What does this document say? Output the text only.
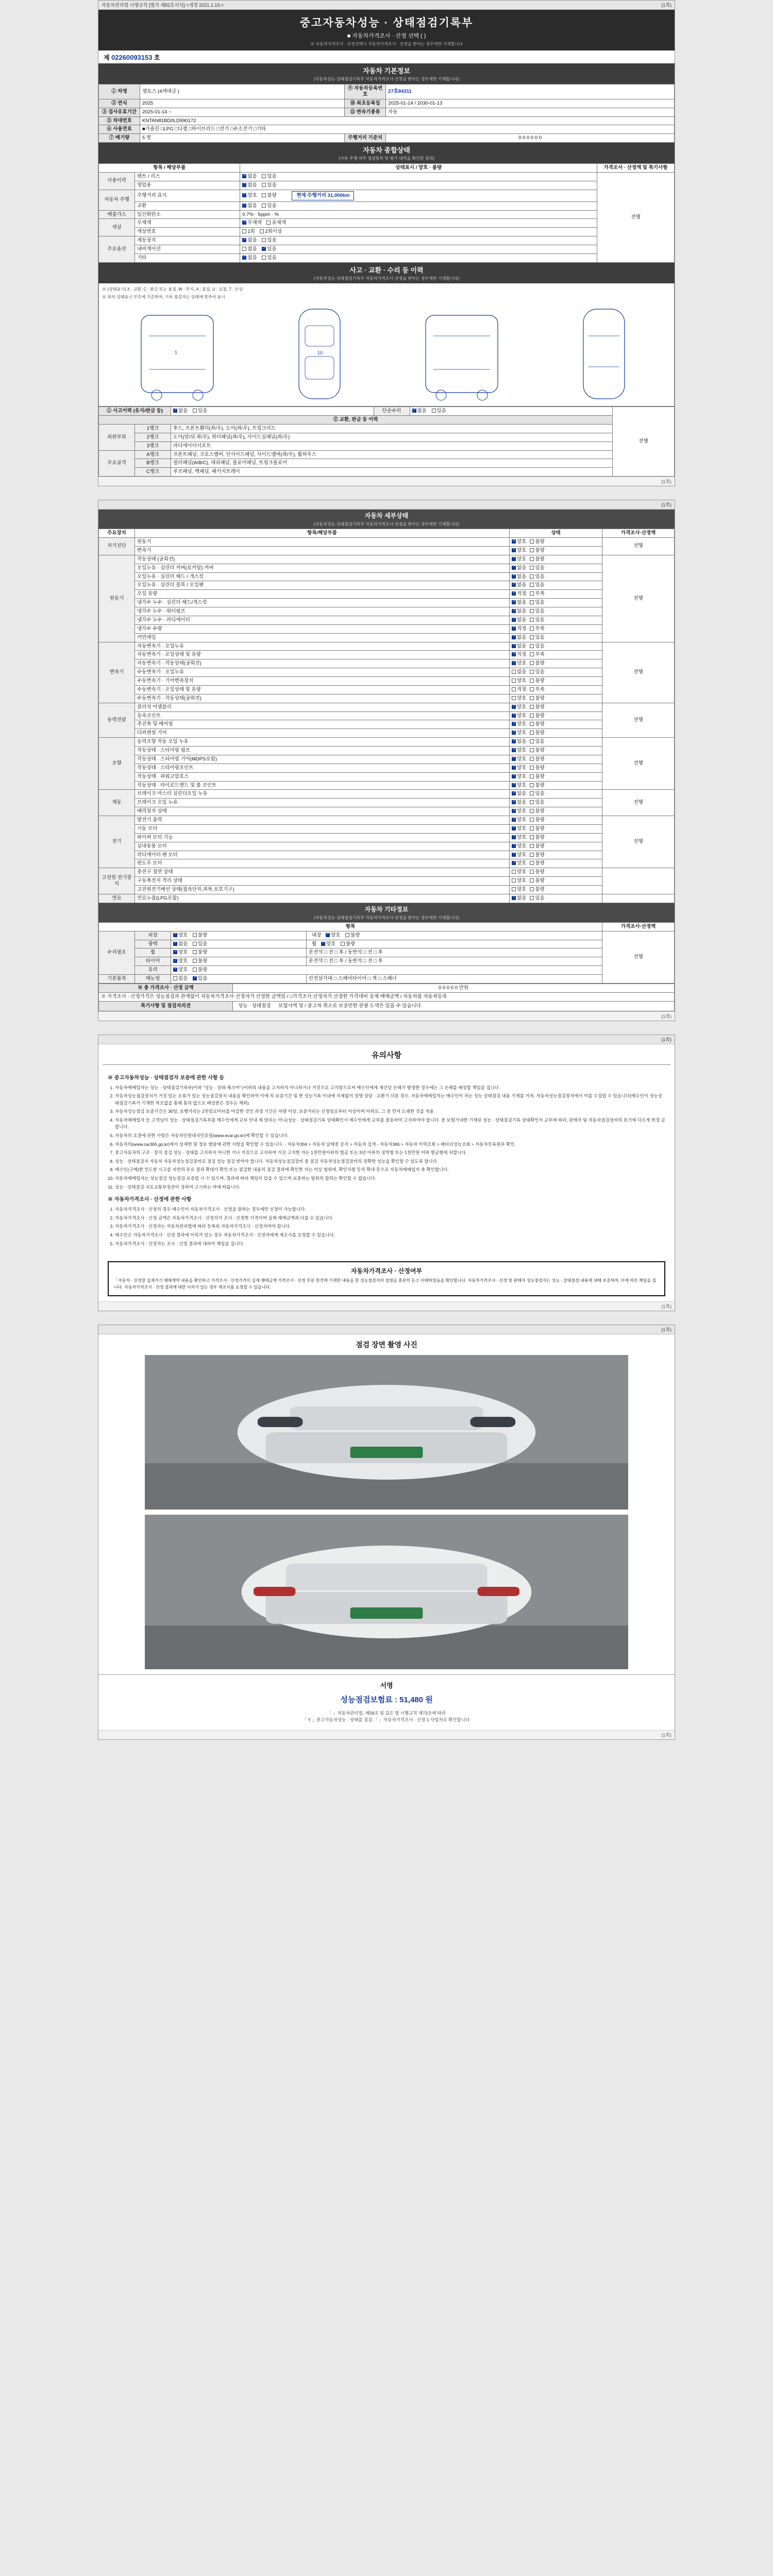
자동차관리법 시행규칙 [별지 제82호서식] <개정 2021.1.19.>	(1쪽)
중고자동차성능 · 상태점검기록부
■ 자동차가격조사 · 산정 선택 ( )
※ 자동차가격조사 · 산정선택시 자동차가격조사 · 산정을 받아는 경우에만 기재합니다
제 02260093153 호
자동차 기본정보
(자동차성능·상태점검기록부 자동차가격조사·산정을 받아는 경우에만 기재합니다)
① 차명	셀토스 (4세대급 )	⑨ 자동차등록번호	27호84311
② 연식	2025	⑩ 최초등록일	2025-01-14 / 2030-01-13
③ 검사유효기간	2025-01-14 ~	⑪ 변속기종류	자동
⑤ 차대번호	KNTAN81BD0LD990172		
⑥ 사용연료	■가솔린 □LPG □디젤 □하이브리드 □전기 □수소전기 □기타		
⑦ 배기량	5 명	주행거리 기준치	0 0 0 0 0 0
자동차 종합상태
(사용·주행 여부 점검항목 및 평가 내역을 확인한 결과)
항목 / 해당부품		상태표시 / 양호 · 불량	가격조사 · 산정액 및 특기사항
사용이력	렌트 / 리스	✓없음 있음	전행
	영업용	✓없음 있음
자동차 주행	주행거리 표시	✓양호 불량 현재 주행거리 31,000km
	교환	✓없음 있음
배출가스	일산화탄소	0.7% · 5ppm · %	
색상	무채색	✓무채색 유채색
	색상번호	1회 2회이상	
주요옵션	제동장치	✓없음 있음
	내비게이션	없음 ✓ 있음
	기타	✓없음 있음
사고 · 교환 · 수리 등 이력
(자동차성능·상태점검기록부 자동차가격조사·산정을 받아는 경우에만 기재합니다)
※ (상태표시) X : 교환, C : 판금 또는 용접, W : 부식, A : 흠집, U : 요철, T : 손상
※ 위의 상태표시 부호에 기준하여, 기록 점검자는 상태에 맞추어 표시
1	10
① 사고이력 (유지/판금 등)	✓없음 있음	단순수리	✓없음 있음	전행
② 교환, 판금 등 이력					
외판부위	1랭크	후드, 프론트휀더(좌/우), 도어(좌/우), 트렁크리드			
	2랭크	도어(앞/뒤 좌/우), 쿼터패널(좌/우), 사이드실패널(좌/우)			
	3랭크	라디에이터서포트			
주요골격	A랭크	프론트패널, 크로스멤버, 인사이드패널, 사이드멤버(좌/우), 휠하우스			
	B랭크	필러패널(A/B/C), 대쉬패널, 플로어패널, 트렁크플로어			
	C랭크	루프패널, 백패널, 패키지트레이			
(1쪽)
(1쪽)
자동차 세부상태
(자동차성능·상태점검기록부 자동차가격조사·산정을 받아는 경우에만 기재합니다)
주요장치	항목/해당부품	상태	가격조사·산정액
자기진단	원동기	✓양호 불량	전행
	변속기	✓양호 불량
원동기	작동상태 (공회전)	✓양호 불량	전행
	오일누유 · 실린더 커버(로커암) 커버	✓없음 있음
	오일누유 · 실린더 헤드 / 개스킷	✓없음 있음
	오일누유 · 실린더 블록 / 오일팬	✓없음 있음
	오일 유량	✓적정 부족
	냉각수 누수 · 실린더 헤드/개스킷	✓없음 있음
	냉각수 누수 · 워터펌프	✓없음 있음
	냉각수 누수 · 라디에이터	✓없음 있음
	냉각수 수량	✓적정 부족
	커먼레일	✓없음 있음
변속기	자동변속기 · 오일누유	✓없음 있음	전행
	자동변속기 · 오일상태 및 유량	✓적정 부족
	자동변속기 · 작동상태(공회전)	✓양호 불량
	수동변속기 · 오일누유	없음 있음	
	수동변속기 · 기어변속장치	양호 불량	
	수동변속기 · 오일상태 및 유량	적정 부족	
	수동변속기 · 작동상태(공회전)	양호 불량	
동력전달	클러치 어셈블리	✓양호 불량	전행
	등속조인트	✓양호 불량
	추진축 및 베어링	✓양호 불량
	디퍼렌셜 기어	✓양호 불량
조향	동력조향 작동 오일 누유	✓없음 있음	전행
	작동상태 · 스티어링 펌프	✓양호 불량
	작동상태 · 스티어링 기어(MDPS포함)	✓양호 불량
	작동상태 · 스티어링조인트	✓양호 불량
	작동상태 · 파워고압호스	✓양호 불량
	작동상태 · 타이로드엔드 및 볼 조인트	✓양호 불량
제동	브레이크 마스터 실린더오일 누유	✓없음 있음	전행
	브레이크 오일 누유	✓없음 있음
	배력장치 상태	✓양호 불량
전기	발전기 출력	✓양호 불량	전행
	시동 모터	✓양호 불량
	와이퍼 모터 기능	✓양호 불량
	실내송풍 모터	✓양호 불량
	라디에이터 팬 모터	✓양호 불량
	윈도우 모터	✓양호 불량
고전원 전기장치	충전구 절연 상태	양호 불량	
	구동축전지 격리 상태	양호 불량	
	고전원전기배선 상태(접속단자,피복,보호기구)	양호 불량	
연료	연료누출(LPG포함)	✓없음 있음	
자동차 기타정보
(자동차성능·상태점검기록부 자동차가격조사·산정을 받아는 경우에만 기재합니다)
항목				가격조사·산정액
수리필요	외장	✓양호 불량	내장 ✓ 양호 불량	전행
	광택	✓없음 있음	휠 ✓ 양호 불량
	휠	✓양호 불량	운전석 □ 전 □ 후 / 동반석 □ 전 □ 후	
	타이어	✓양호 불량	운전석 □ 전 □ 후 / 동반석 □ 전 □ 후	
	유리	✓양호 불량
기본품목	매뉴얼	없음 ✓ 있음	안전삼각대 □ 스페어타이어 □ 잭 □ 스패너	
※ 총 가격조사 · 산정 금액	0 0 0 0 0 만원
※ 가격조사 · 산정가격은 성능점검과 관계없이 자동차가격조사·산정자가 산정한 금액임 / □가격조사·산정자가 산정한 가격대비 실제 매매금액 / 자동차를 자동차등록	
특기사항 및 점검자의견	성능 · 상태점검 보험사액 및 / 중고차 취소로 보증만한 관광 도색은 있을 수 있습니다.
(1쪽)
(1쪽)
유의사항
※ 중고자동차성능 · 상태점검자 보증에 관한 사항 등
1. 자동차매매업자는 성능 · 상태점검기록부(이하 "성능 · 상태 체크여" )이하의 내용을 고지하지 아니하거나 거짓으로 고지함으로써 매수인에게 재산상 손해가 발생한 경우에는 그 손해를 배상할 책임을 집니다.
2. 자동차성능점검장치가 거짓 있는 오류가 있는 성능점검장치 내용을 확인하여 이에 의 보증기간 및 한 성능기록 이내에 지체없이 설명 상담 · 교환기 다룬 경우, 자동차매매업자는 매수인이 차는 성능 상태점검 내용 기재를 거쳐, 자동차성능점검장치에서 이를 수집할 수 있습니다(매수인이 성능상태점검기록가 기재한 착오없을 통해 통의 없으로 배상받은 경우는 제외).
3. 자동차성능점검 보증기간은 30일, 보행거리는 2천킬로미터를 마감한 것인 과정 기간은 차량 이상, 보증거리는 신청일로부터 이상이며 이하로, 그 중 먼저 도래한 것을 적용.
4. 자동차매매업자 등 고객님이 성능 · 상태점검기록부를 매수인에게 교부 안내 제 알리는 아니(성능 · 상태점검기록 상태확인서 매수인에게 교부를 잘못하여 고지하여야 합니다. 중 보험가내한 기재된 성능 · 상태점검기록 상태확인서 교부에 따라, 판매자 및 자동차점검장비의 표기에 다르게 변경 금합니다.
5. 자동차의 요결에 관한 사항은 자동차민원대국민포털(www.ecar.go.kr)에 확인할 수 있습니다.
6. 자동차의(www.car365.go.kr)에서 상세한 및 정보 열람에 관한 사항을 확인할 수 있습니다. - 자동차356 > 자동차 남매중 공지 > 자동차 검색 - 자동차365 > 자동차 이력조회 > 배터리성능조회 > 자동차등록원부 확인.
7. 중고자동차의 구조 · 장치 점검 성능 · 상태를 고지하지 아니한 거나 거짓으로 고지하여 거짓 고지한 자는 1천만원이하의 벌금 또는 3년 이하의 징역형 또는 1천만원 이하 벌금형에 처합니다.
8. 성능 · 상태점검자 자동차 자동차성능점검장비로 점검 성능 점검 받아야 합니다. 자동차성능점검장비 중 점검 자동차성능점검장비의 정확한 성능을 확인할 수 있도록 합니다.
9. 매수인(구매)한 인도받 시고를 지연의 주요 결과 확대가 확인 또는 점검한 내용의 점검 결과에 확인한 자는 이상 범위에, 확인사항 등의 확대 등으로 자동차매매업자 측 확인합니다.
10. 자동차매매업자는 성능점검 성능점검 보증할 시 수 있으며, 결과에 따라 책임이 있을 수 있으며 보증하는 범위의 합의는 확인할 수 없습니다.
11. 성능 · 상태점검 국토교통부장관이 정하여 고시하는 바에 따릅니다.
※ 자동차가격조사 · 산정에 관한 사항
1. 자동차가격조사 · 산정의 경우 매수인이 자동차가격조사 · 산정을 원하는 경우에만 신청이 가능합니다.
2. 자동차가격조사 · 산정 금액은 자동차가격조사 · 산정자가 조사 · 산정한 가격이며 실제 매매금액과 다를 수 있습니다.
3. 자동차가격조사 · 산정자는 자동차관리법에 따라 등록된 자동차가격조사 · 산정자여야 합니다.
4. 매수인은 자동차가격조사 · 산정 결과에 이의가 있는 경우 자동차가격조사 · 산정자에게 재조사를 요청할 수 있습니다.
5. 자동차가격조사 · 산정자는 조사 · 산정 결과에 대하여 책임을 집니다.
자동차가격조사 · 산정여부
「자동차 · 산정한 실제가기 매매계약 내용을 확인하고 가격조사 · 산정가격이 실제 매매금액 가격조사 · 산정 부분 한것에 기재한 내용을 한 성능점검자의 설명을 충분히 듣고 이해하였음을 확인합니다. 자동차가격조사 · 산정 및 판매자 성능점검자는 성능 · 상태점검 내용에 대해 보증하며, 이에 따른 책임을 집니다. 자동차가격조사 · 산정 결과에 대한 이의가 있는 경우 재조사를 요청할 수 있습니다.
(1쪽)
(1쪽)
점검 장면 촬영 사진
서명
성능점검보험료 : 51,480 원
「 」자동차관리법, 제58조 및 같은 법 시행규칙 제73조에 따라
「 Y 」중고자동차성능 · 상태를 점검 「 」자동차가격조사 · 산정 1 사업자로 확인합니다.
(1쪽)
